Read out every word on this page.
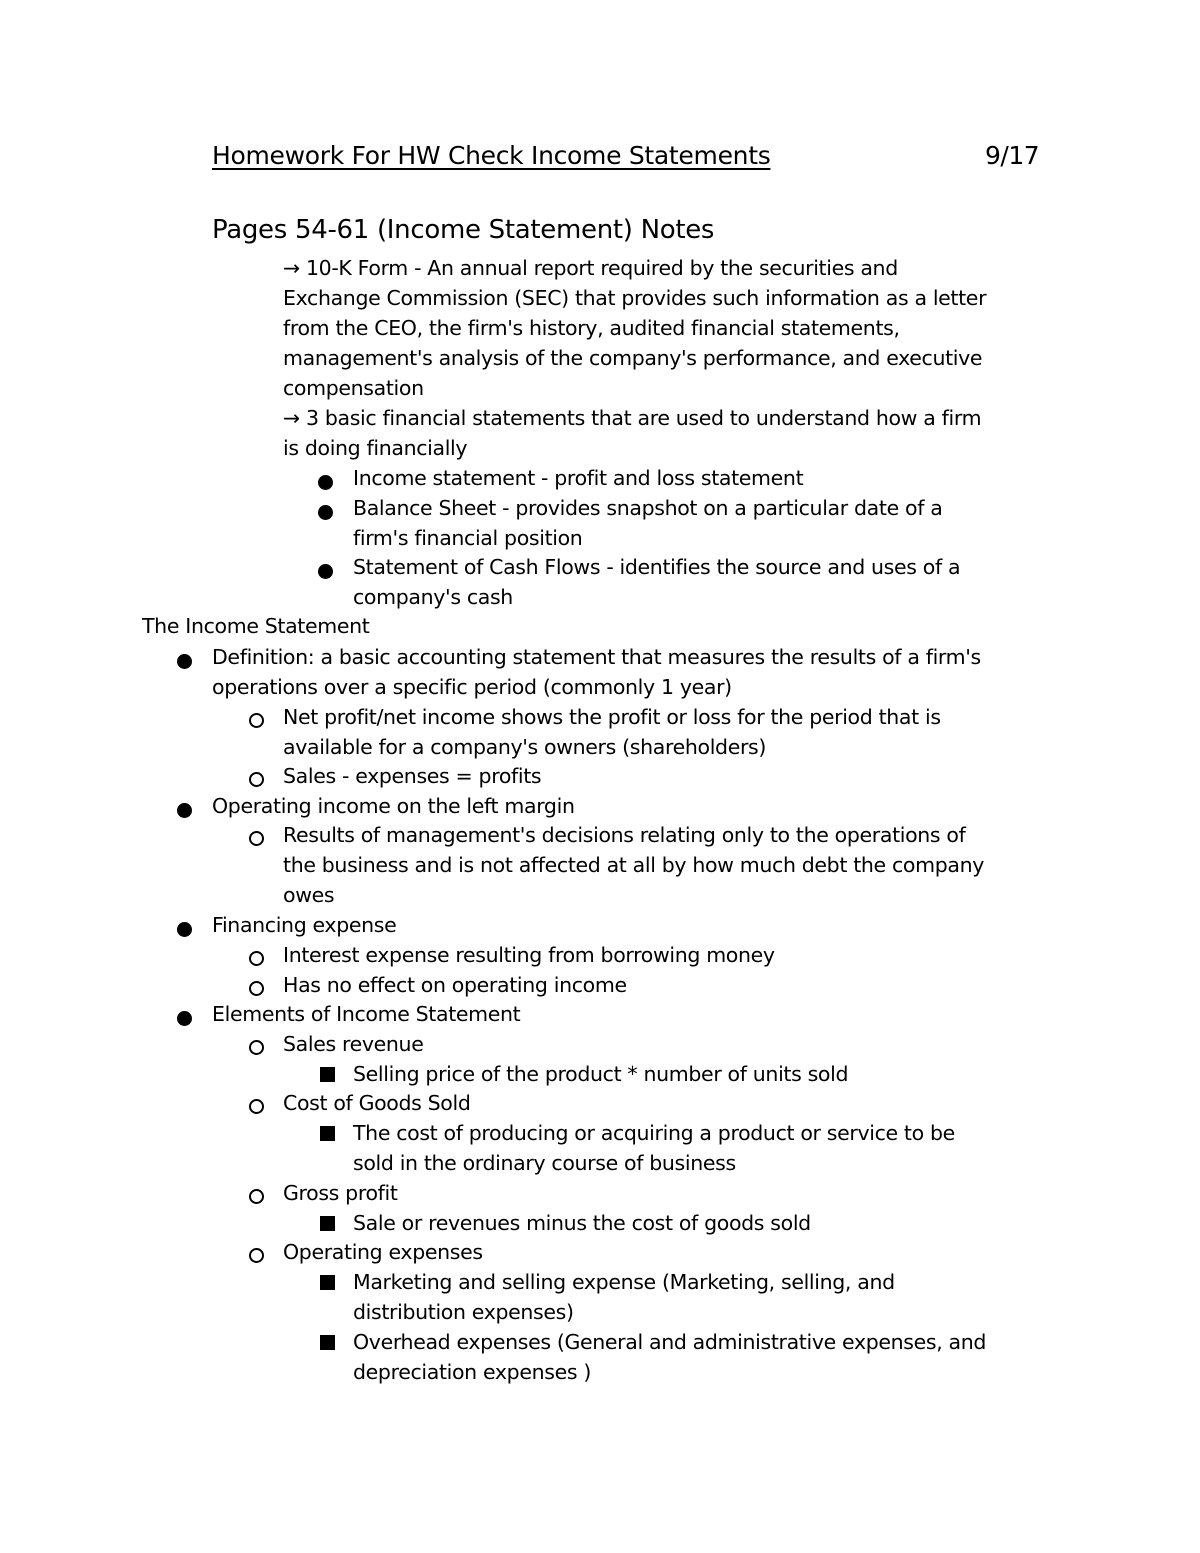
Homework For HW Check Income Statements	9/17
Pages 54-61 (Income Statement) Notes
→ 10-K Form - An annual report required by the securities and
Exchange Commission (SEC) that provides such information as a letter
from the CEO, the firm's history, audited financial statements,
management's analysis of the company's performance, and executive
compensation
→ 3 basic financial statements that are used to understand how a firm
is doing financially
Income statement - profit and loss statement
Balance Sheet - provides snapshot on a particular date of a
firm's financial position
Statement of Cash Flows - identifies the source and uses of a
company's cash
The Income Statement
Definition: a basic accounting statement that measures the results of a firm's
operations over a specific period (commonly 1 year)
Net profit/net income shows the profit or loss for the period that is
available for a company's owners (shareholders)
Sales - expenses = profits
Operating income on the left margin
Results of management's decisions relating only to the operations of
the business and is not affected at all by how much debt the company
owes
Financing expense
Interest expense resulting from borrowing money
Has no effect on operating income
Elements of Income Statement
Sales revenue
Selling price of the product * number of units sold
Cost of Goods Sold
The cost of producing or acquiring a product or service to be
sold in the ordinary course of business
Gross profit
Sale or revenues minus the cost of goods sold
Operating expenses
Marketing and selling expense (Marketing, selling, and
distribution expenses)
Overhead expenses (General and administrative expenses, and
depreciation expenses )
